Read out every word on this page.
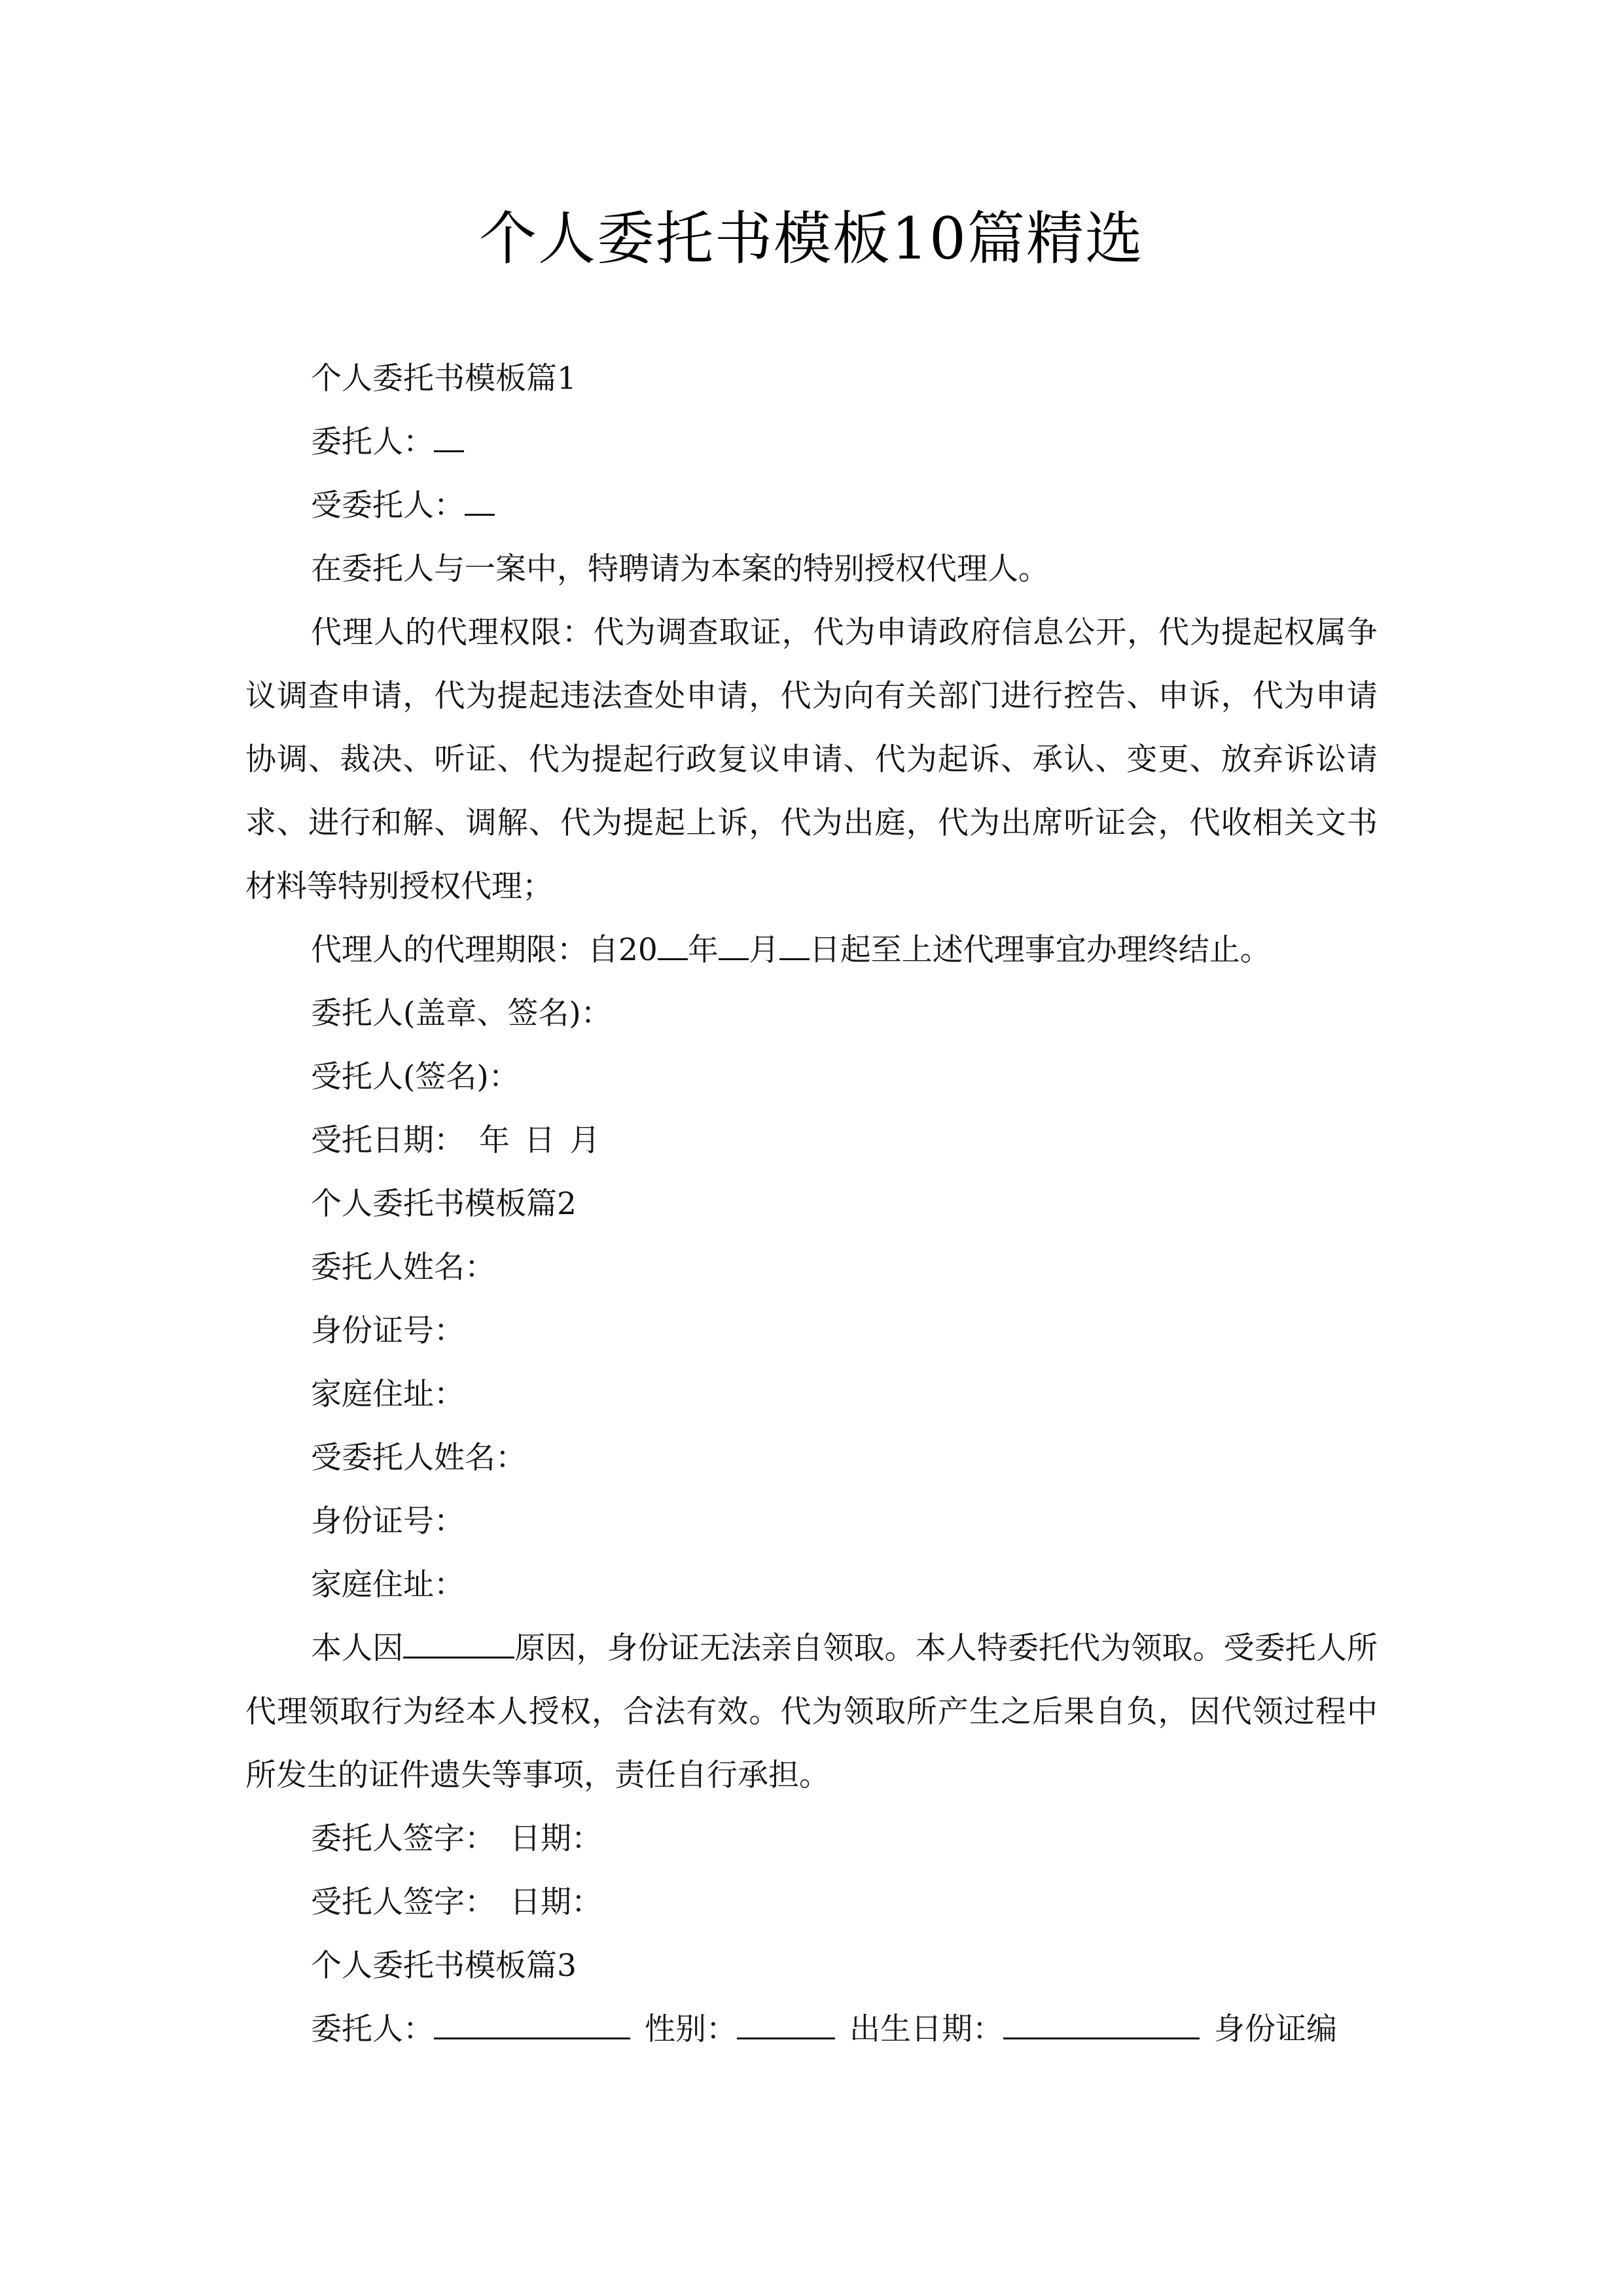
个人委托书模板10篇精选

个人委托书模板篇1

委托人：

受委托人：

在委托人与一案中，特聘请为本案的特别授权代理人。

代理人的代理权限：代为调查取证，代为申请政府信息公开，代为提起权属争议调查申请，代为提起违法查处申请，代为向有关部门进行控告、申诉，代为申请协调、裁决、听证、代为提起行政复议申请、代为起诉、承认、变更、放弃诉讼请求、进行和解、调解、代为提起上诉，代为出庭，代为出席听证会，代收相关文书材料等特别授权代理；

代理人的代理期限：自20 年 月 日起至上述代理事宜办理终结止。

委托人(盖章、签名)：

受托人(签名)：

受托日期： 年 日 月

个人委托书模板篇2

委托人姓名：

身份证号：

家庭住址：

受委托人姓名：

身份证号：

家庭住址：

本人因	原因，身份证无法亲自领取。本人特委托代为领取。受委托人所代理领取行为经本人授权，合法有效。代为领取所产生之后果自负，因代领过程中所发生的证件遗失等事项，责任自行承担。

委托人签字： 日期：

受托人签字： 日期：

个人委托书模板篇3

委托人：	性别：	出生日期：	身份证编
